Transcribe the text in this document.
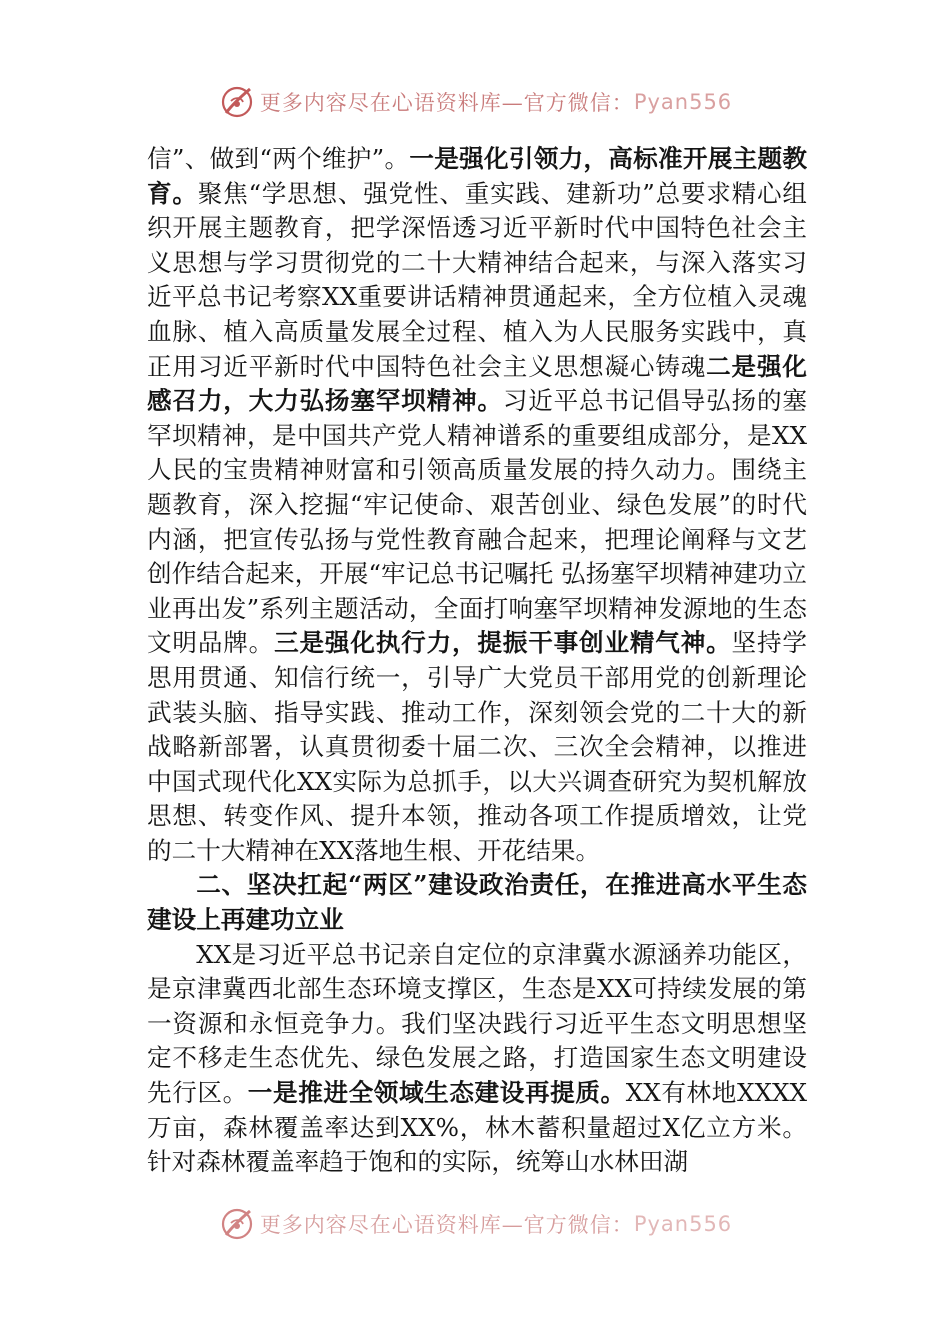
更多内容尽在心语资料库—官方微信： Pyan556

信”、做到“两个维护”。一是强化引领力，高标准开展主题教育。聚焦“学思想、强党性、重实践、建新功”总要求精心组织开展主题教育，把学深悟透习近平新时代中国特色社会主义思想与学习贯彻党的二十大精神结合起来，与深入落实习近平总书记考察XX重要讲话精神贯通起来，全方位植入灵魂血脉、植入高质量发展全过程、植入为人民服务实践中，真正用习近平新时代中国特色社会主义思想凝心铸魂二是强化感召力，大力弘扬塞罕坝精神。习近平总书记倡导弘扬的塞罕坝精神，是中国共产党人精神谱系的重要组成部分，是XX人民的宝贵精神财富和引领高质量发展的持久动力。围绕主题教育，深入挖掘“牢记使命、艰苦创业、绿色发展”的时代内涵，把宣传弘扬与党性教育融合起来，把理论阐释与文艺创作结合起来，开展“牢记总书记嘱托 弘扬塞罕坝精神建功立业再出发”系列主题活动，全面打响塞罕坝精神发源地的生态文明品牌。三是强化执行力，提振干事创业精气神。坚持学思用贯通、知信行统一，引导广大党员干部用党的创新理论武装头脑、指导实践、推动工作，深刻领会党的二十大的新战略新部署，认真贯彻委十届二次、三次全会精神，以推进中国式现代化XX实际为总抓手，以大兴调查研究为契机解放思想、转变作风、提升本领，推动各项工作提质增效，让党的二十大精神在XX落地生根、开花结果。

二、坚决扛起“两区”建设政治责任，在推进高水平生态建设上再建功立业

XX是习近平总书记亲自定位的京津冀水源涵养功能区，是京津冀西北部生态环境支撑区，生态是XX可持续发展的第一资源和永恒竞争力。我们坚决践行习近平生态文明思想坚定不移走生态优先、绿色发展之路，打造国家生态文明建设先行区。一是推进全领域生态建设再提质。XX有林地XXXX万亩，森林覆盖率达到XX%，林木蓄积量超过X亿立方米。针对森林覆盖率趋于饱和的实际，统筹山水林田湖

更多内容尽在心语资料库—官方微信： Pyan556
